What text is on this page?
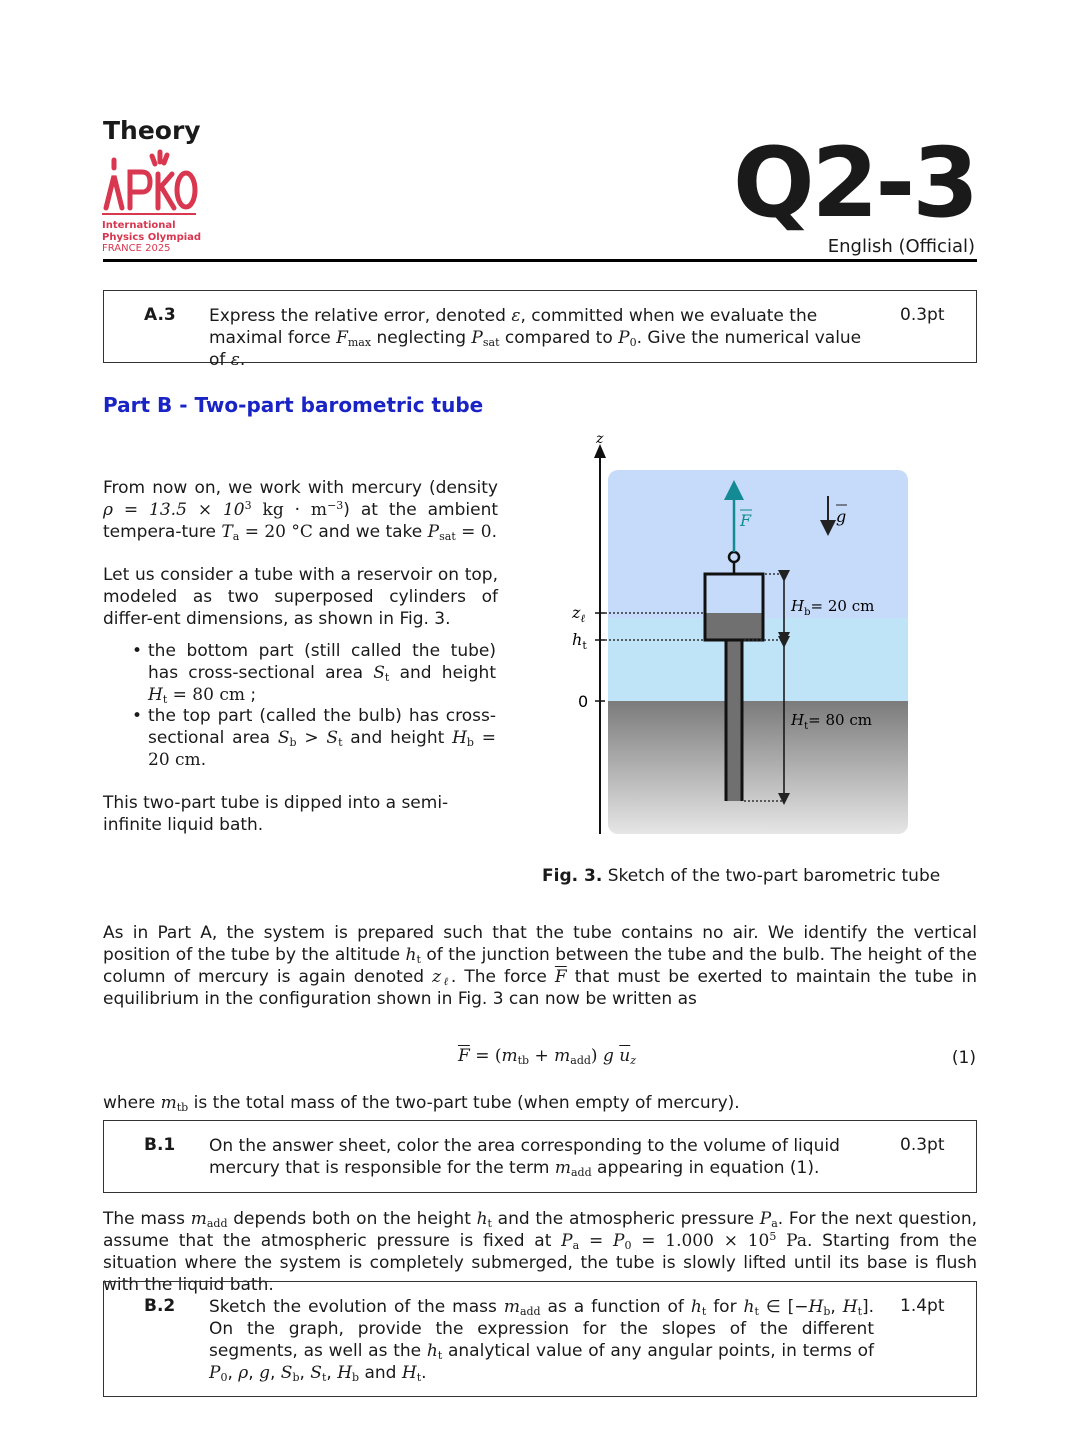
Theory
International
Physics Olympiad
FRANCE 2025
Q2-3
English (Official)
A.3 Express the relative error, denoted ε, committed when we evaluate the maximal force $F_{max}$ neglecting $P_{sat}$ compared to $P_0$. Give the numerical value of ε.
0.3pt
Part B - Two-part barometric tube
From now on, we work with mercury (density $\rho = 13.5 \times 10^3$ kg · $m^{-3}$) at the ambient tempera-ture $T_a = 20$ °C and we take $P_{sat} = 0$.
Let us consider a tube with a reservoir on top, modeled as two superposed cylinders of differ-ent dimensions, as shown in Fig. 3.
• the bottom part (still called the tube) has cross-sectional area $S_t$ and height $H_t = 80$ cm ;
• the top part (called the bulb) has cross-sectional area $S_b > S_t$ and height $H_b = 20$ cm.
This two-part tube is dipped into a semi-infinite liquid bath.
z
0
$z_\ell$
$h_t$
F	g
$H_b= 20$ cm
$H_t= 80$ cm
Fig. 3. Sketch of the two-part barometric tube
As in Part A, the system is prepared such that the tube contains no air. We identify the vertical position of the tube by the altitude $h_t$ of the junction between the tube and the bulb. The height of the column of mercury is again denoted $z_\ell$. The force $\overline{F}$ that must be exerted to maintain the tube in equilibrium in the configuration shown in Fig. 3 can now be written as
$\overline{F} = (m_{tb} + m_{add})$ g $\overline{u}_z$	(1)
where $m_{tb}$ is the total mass of the two-part tube (when empty of mercury).
B.1 On the answer sheet, color the area corresponding to the volume of liquid mercury that is responsible for the term $m_{add}$ appearing in equation (1).
0.3pt
The mass $m_{add}$ depends both on the height $h_t$ and the atmospheric pressure $P_a$. For the next question, assume that the atmospheric pressure is fixed at $P_a = P_0 = 1.000 \times 10^5$ Pa. Starting from the situation where the system is completely submerged, the tube is slowly lifted until its base is flush with the liquid bath.
B.2 Sketch the evolution of the mass $m_{add}$ as a function of $h_t$ for $h_t$ ∈ [$-H_b$, $H_t$]. On the graph, provide the expression for the slopes of the different segments, as well as the $h_t$ analytical value of any angular points, in terms of $P_0$, ρ, g, $S_b$, $S_t$, $H_b$ and $H_t$.
1.4pt
